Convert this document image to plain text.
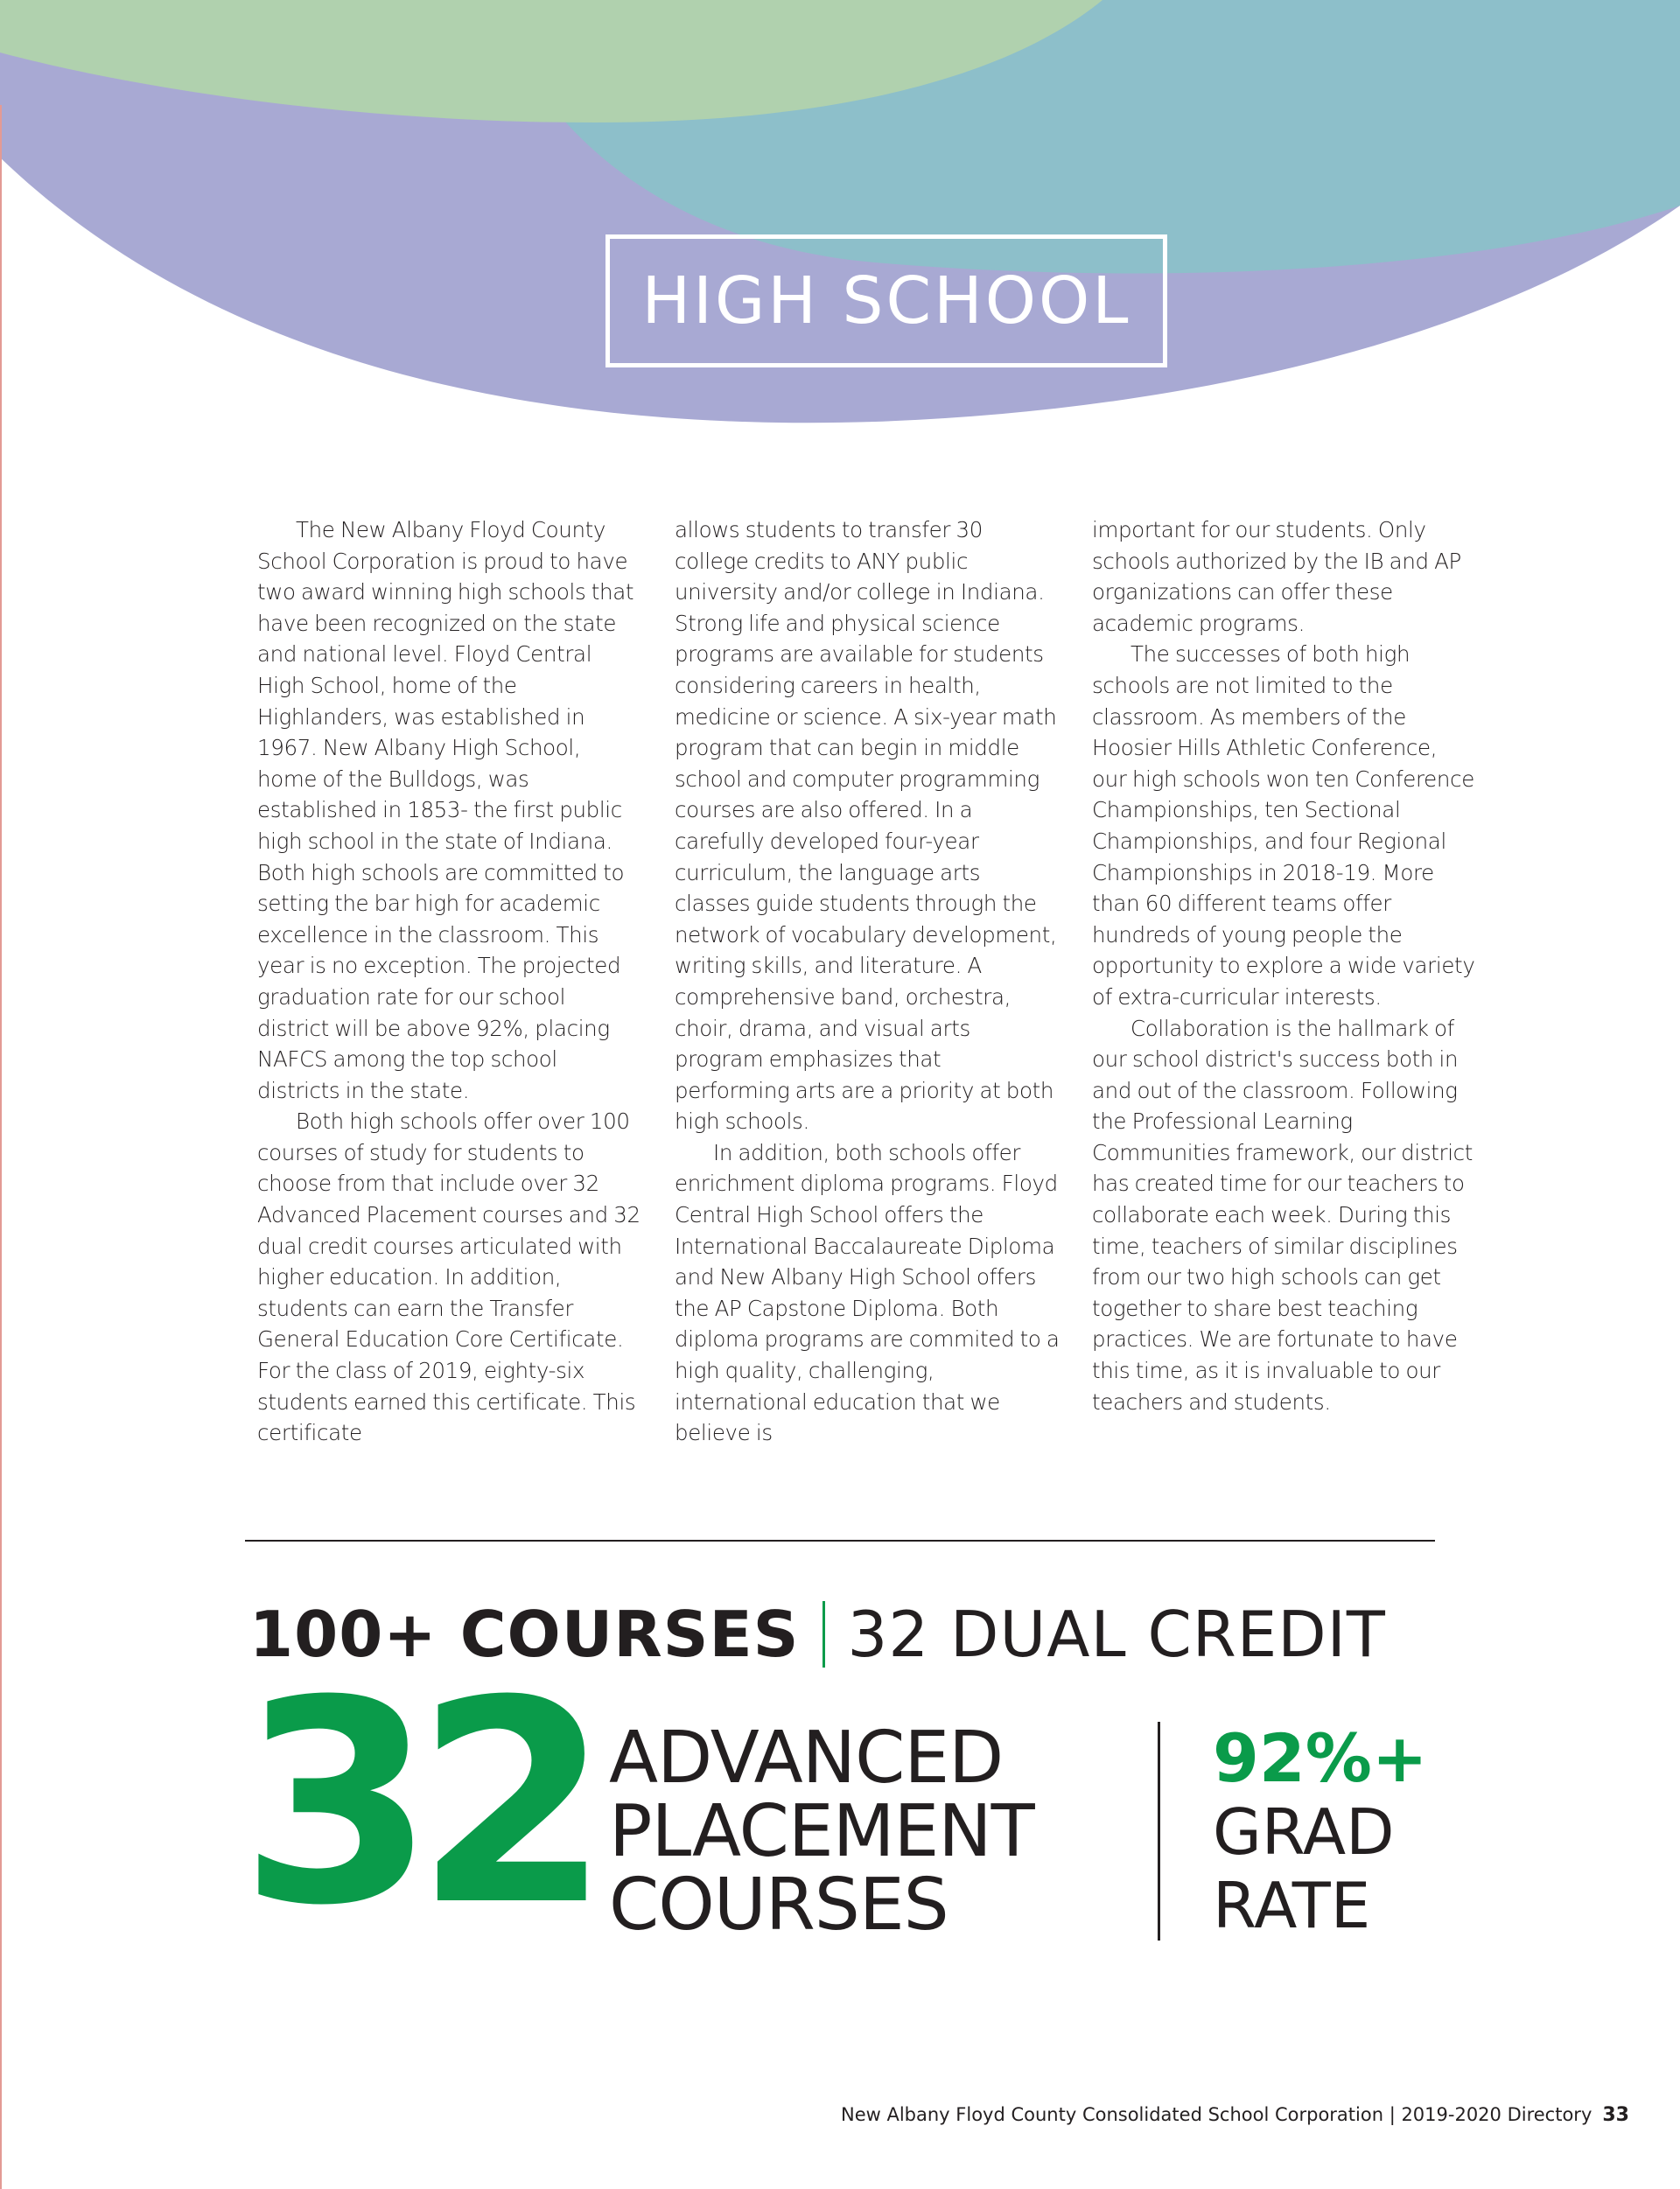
HIGH SCHOOL

The New Albany Floyd County School Corporation is proud to have two award winning high schools that have been recognized on the state and national level. Floyd Central High School, home of the Highlanders, was established in 1967. New Albany High School, home of the Bulldogs, was established in 1853- the first public high school in the state of Indiana. Both high schools are committed to setting the bar high for academic excellence in the classroom. This year is no exception. The projected graduation rate for our school district will be above 92%, placing NAFCS among the top school districts in the state.

Both high schools offer over 100 courses of study for students to choose from that include over 32 Advanced Placement courses and 32 dual credit courses articulated with higher education. In addition, students can earn the Transfer General Education Core Certificate. For the class of 2019, eighty-six students earned this certificate. This certificate

allows students to transfer 30 college credits to ANY public university and/or college in Indiana. Strong life and physical science programs are available for students considering careers in health, medicine or science. A six-year math program that can begin in middle school and computer programming courses are also offered. In a carefully developed four-year curriculum, the language arts classes guide students through the network of vocabulary development, writing skills, and literature. A comprehensive band, orchestra, choir, drama, and visual arts program emphasizes that performing arts are a priority at both high schools.

In addition, both schools offer enrichment diploma programs. Floyd Central High School offers the International Baccalaureate Diploma and New Albany High School offers the AP Capstone Diploma. Both diploma programs are commited to a high quality, challenging, international education that we believe is

important for our students. Only schools authorized by the IB and AP organizations can offer these academic programs.

The successes of both high schools are not limited to the classroom. As members of the Hoosier Hills Athletic Conference, our high schools won ten Conference Championships, ten Sectional Championships, and four Regional Championships in 2018-19. More than 60 different teams offer hundreds of young people the opportunity to explore a wide variety of extra-curricular interests.

Collaboration is the hallmark of our school district's success both in and out of the classroom. Following the Professional Learning Communities framework, our district has created time for our teachers to collaborate each week. During this time, teachers of similar disciplines from our two high schools can get together to share best teaching practices. We are fortunate to have this time, as it is invaluable to our teachers and students.

100+ COURSES 32 DUAL CREDIT
32 ADVANCED
PLACEMENT
COURSES
92%+
GRAD
RATE
New Albany Floyd County Consolidated School Corporation | 2019-2020 Directory 33
